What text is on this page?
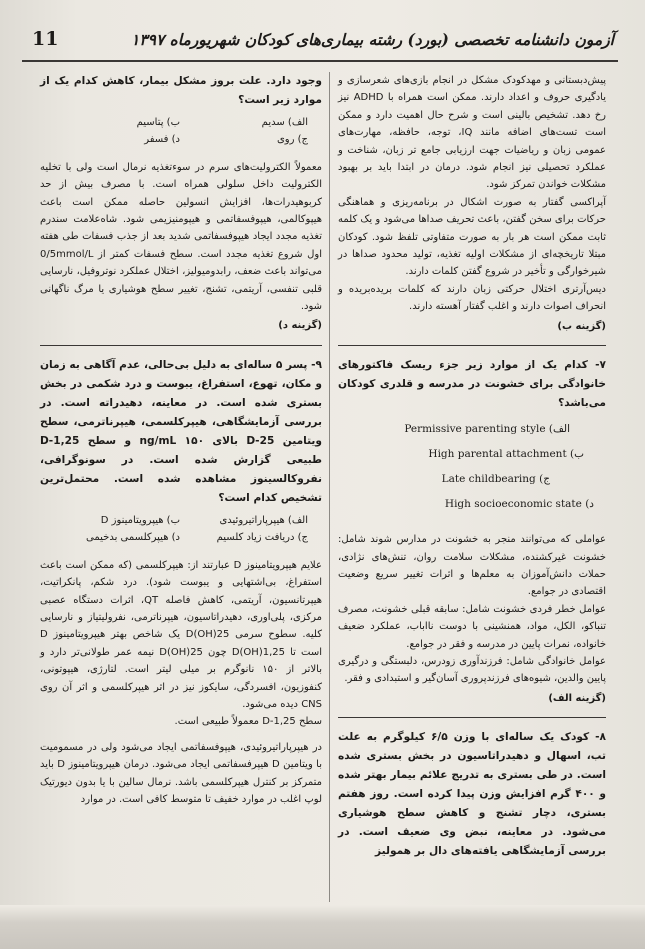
آزمون دانشنامه تخصصی (بورد) رشته بیماری‌های کودکان شهریورماه ۱۳۹۷
11

پیش‌دبستانی و مهدکودک مشکل در انجام بازی‌های شعرسازی و یادگیری حروف و اعداد دارند. ممکن است همراه با ADHD نیز رخ دهد. تشخیص بالینی است و شرح حال اهمیت دارد و ممکن است تست‌های اضافه مانند IQ، توجه، حافظه، مهارت‌های عمومی زبان و ریاضیات جهت ارزیابی جامع تر زبان، شناخت و عملکرد تحصیلی نیز انجام شود. درمان در ابتدا باید بر بهبود مشکلات خواندن تمرکز شود.

آپراکسی گفتار به صورت اشکال در برنامه‌ریزی و هماهنگی حرکات برای سخن گفتن، باعث تحریف صداها می‌شود و یک کلمه ثابت ممکن است هر بار به صورت متفاوتی تلفظ شود. کودکان مبتلا تاریخچه‌ای از مشکلات اولیه تغذیه، تولید محدود صداها در شیرخوارگی و تأخیر در شروع گفتن کلمات دارند.

دیس‌آرتری اختلال حرکتی زبان دارند که کلمات بریده‌بریده و انحراف اصوات دارند و اغلب گفتار آهسته دارند.

(گزینه ب)

۷- کدام یک از موارد زیر جزء ریسک فاکتورهای خانوادگی برای خشونت در مدرسه و قلدری کودکان می‌باشد؟

الف) Permissive parenting style
ب) High parental attachment
ج) Late childbearing
د) High socioeconomic state

عواملی که می‌توانند منجر به خشونت در مدارس شوند شامل: خشونت غیرکشنده، مشکلات سلامت روان، تنش‌های نژادی، حملات دانش‌آموزان به معلم‌ها و اثرات تغییر سریع وضعیت اقتصادی در جوامع.

عوامل خطر فردی خشونت شامل: سابقه قبلی خشونت، مصرف تنباکو، الکل، مواد، همنشینی با دوست نااباب، عملکرد ضعیف خانواده، نمرات پایین در مدرسه و فقر در جوامع.

عوامل خانوادگی شامل: فرزندآوری زودرس، دلبستگی و درگیری پایین والدین، شیوه‌های فرزندپروری آسان‌گیر و استبدادی و فقر.

(گزینه الف)

۸- کودک یک ساله‌ای با وزن ۶/۵ کیلوگرم به علت تب، اسهال و دهیدراتاسیون در بخش بستری شده است. در طی بستری به تدریج علائم بیمار بهتر شده و ۴۰۰ گرم افزایش وزن پیدا کرده است. روز هفتم بستری، دچار تشنج و کاهش سطح هوشیاری می‌شود. در معاینه، نبض وی ضعیف است. در بررسی آزمایشگاهی یافته‌های دال بر هموليز

وجود دارد. علت بروز مشکل بیمار، کاهش کدام یک از موارد زیر است؟

الف) سدیم
ب) پتاسیم
ج) روی
د) فسفر

معمولاً الکترولیت‌های سرم در سوءتغذیه نرمال است ولی با تخلیه الکترولیت داخل سلولی همراه است. با مصرف بیش از حد کربوهیدرات‌ها، افزایش انسولین حاصله ممکن است باعث هیپوکالمی، هیپوفسفاتمی و هیپومنیزیمی شود. شاه‌علامت سندرم تغذیه مجدد ایجاد هیپوفسفاتمی شدید بعد از جذب فسفات طی هفته اول شروع تغذیه مجدد است. سطح فسفات کمتر از 0/5mmol/L می‌تواند باعث ضعف، رابدومیولیز، اختلال عملکرد نوتروفیل، نارسایی قلبی تنفسی، آریتمی، تشنج، تغییر سطح هوشیاری یا مرگ ناگهانی شود.

(گزینه د)

۹- پسر ۵ ساله‌ای به دلیل بی‌حالی، عدم آگاهی به زمان و مکان، تهوع، استفراغ، یبوست و درد شکمی در بخش بستری شده است. در معاینه، دهیدراته است. در بررسی آزمایشگاهی، هیپرکلسمی، هیپرناترمی، سطح ویتامین 25-D بالای ۱۵۰ ng/mL و سطح 1,25-D طبیعی گزارش شده است. در سونوگرافی، نفروکالسینوز مشاهده شده است. محتمل‌ترین تشخیص کدام است؟

الف) هیپرپاراتیروئیدی
ب) هیپرویتامینوز D
ج) دریافت زیاد کلسیم
د) هیپرکلسمی بدخیمی

علایم هیپرویتامینوز D عبارتند از: هیپرکلسمی (که ممکن است باعث استفراغ، بی‌اشتهایی و یبوست شود). درد شکم، پانکراتیت، هیپرتانسیون، آریتمی، کاهش فاصله QT، اثرات دستگاه عصبی مرکزی، پلی‌اوری، دهیدراتاسیون، هیپرناترمی، نفرولیتیاز و نارسایی کلیه. سطوح سرمی 25(OH)D یک شاخص بهتر هیپرویتامینوز D است تا 1,25(OH)D چون 25(OH)D نیمه عمر طولانی‌تر دارد و بالاتر از ۱۵۰ نانوگرم بر میلی لیتر است. لتارژی، هیپوتونی، کنفوزیون، افسردگی، سایکوز نیز در اثر هیپرکلسمی و اثر آن روی CNS دیده می‌شود.

سطح 1,25-D معمولاً طبیعی است.

در هیپرپاراتیروئیدی، هیپوفسفاتمی ایجاد می‌شود ولی در مسمومیت با ویتامین D هیپرفسفاتمی ایجاد می‌شود. درمان هیپرویتامینوز D باید متمرکز بر کنترل هیپرکلسمی باشد. نرمال سالین با یا بدون دیورتیک لوپ اغلب در موارد خفیف تا متوسط کافی است. در موارد
